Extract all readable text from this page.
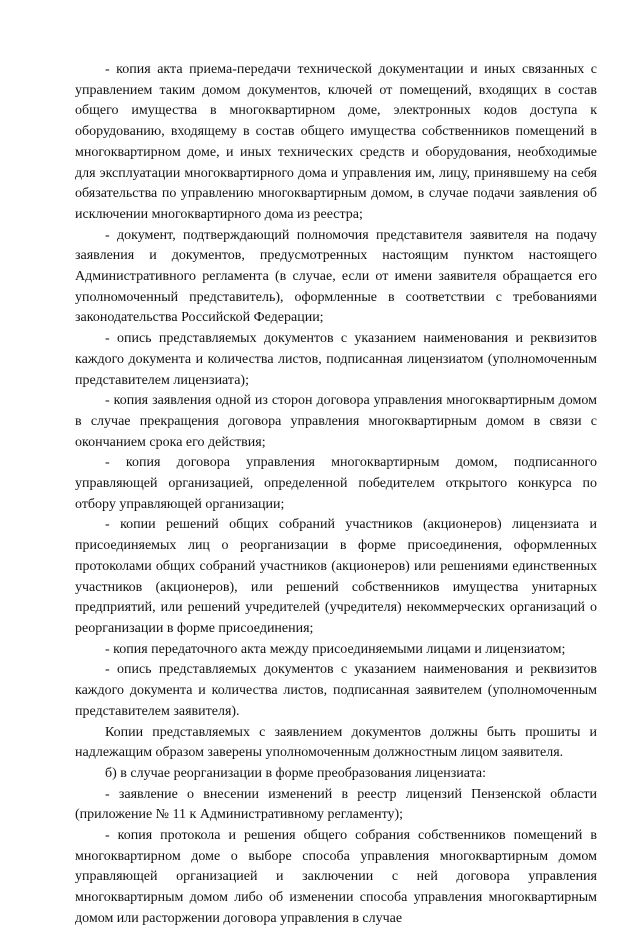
- копия акта приема-передачи технической документации и иных связанных с управлением таким домом документов, ключей от помещений, входящих в состав общего имущества в многоквартирном доме, электронных кодов доступа к оборудованию, входящему в состав общего имущества собственников помещений в многоквартирном доме, и иных технических средств и оборудования, необходимые для эксплуатации многоквартирного дома и управления им, лицу, принявшему на себя обязательства по управлению многоквартирным домом, в случае подачи заявления об исключении многоквартирного дома из реестра;

- документ, подтверждающий полномочия представителя заявителя на подачу заявления и документов, предусмотренных настоящим пунктом настоящего Административного регламента (в случае, если от имени заявителя обращается его уполномоченный представитель), оформленные в соответствии с требованиями законодательства Российской Федерации;

- опись представляемых документов с указанием наименования и реквизитов каждого документа и количества листов, подписанная лицензиатом (уполномоченным представителем лицензиата);

- копия заявления одной из сторон договора управления многоквартирным домом в случае прекращения договора управления многоквартирным домом в связи с окончанием срока его действия;

- копия договора управления многоквартирным домом, подписанного управляющей организацией, определенной победителем открытого конкурса по отбору управляющей организации;

- копии решений общих собраний участников (акционеров) лицензиата и присоединяемых лиц о реорганизации в форме присоединения, оформленных протоколами общих собраний участников (акционеров) или решениями единственных участников (акционеров), или решений собственников имущества унитарных предприятий, или решений учредителей (учредителя) некоммерческих организаций о реорганизации в форме присоединения;

- копия передаточного акта между присоединяемыми лицами и лицензиатом;

- опись представляемых документов с указанием наименования и реквизитов каждого документа и количества листов, подписанная заявителем (уполномоченным представителем заявителя).

Копии представляемых с заявлением документов должны быть прошиты и надлежащим образом заверены уполномоченным должностным лицом заявителя.

б) в случае реорганизации в форме преобразования лицензиата:

- заявление о внесении изменений в реестр лицензий Пензенской области (приложение № 11 к Административному регламенту);

- копия протокола и решения общего собрания собственников помещений в многоквартирном доме о выборе способа управления многоквартирным домом управляющей организацией и заключении с ней договора управления многоквартирным домом либо об изменении способа управления многоквартирным домом или расторжении договора управления в случае
